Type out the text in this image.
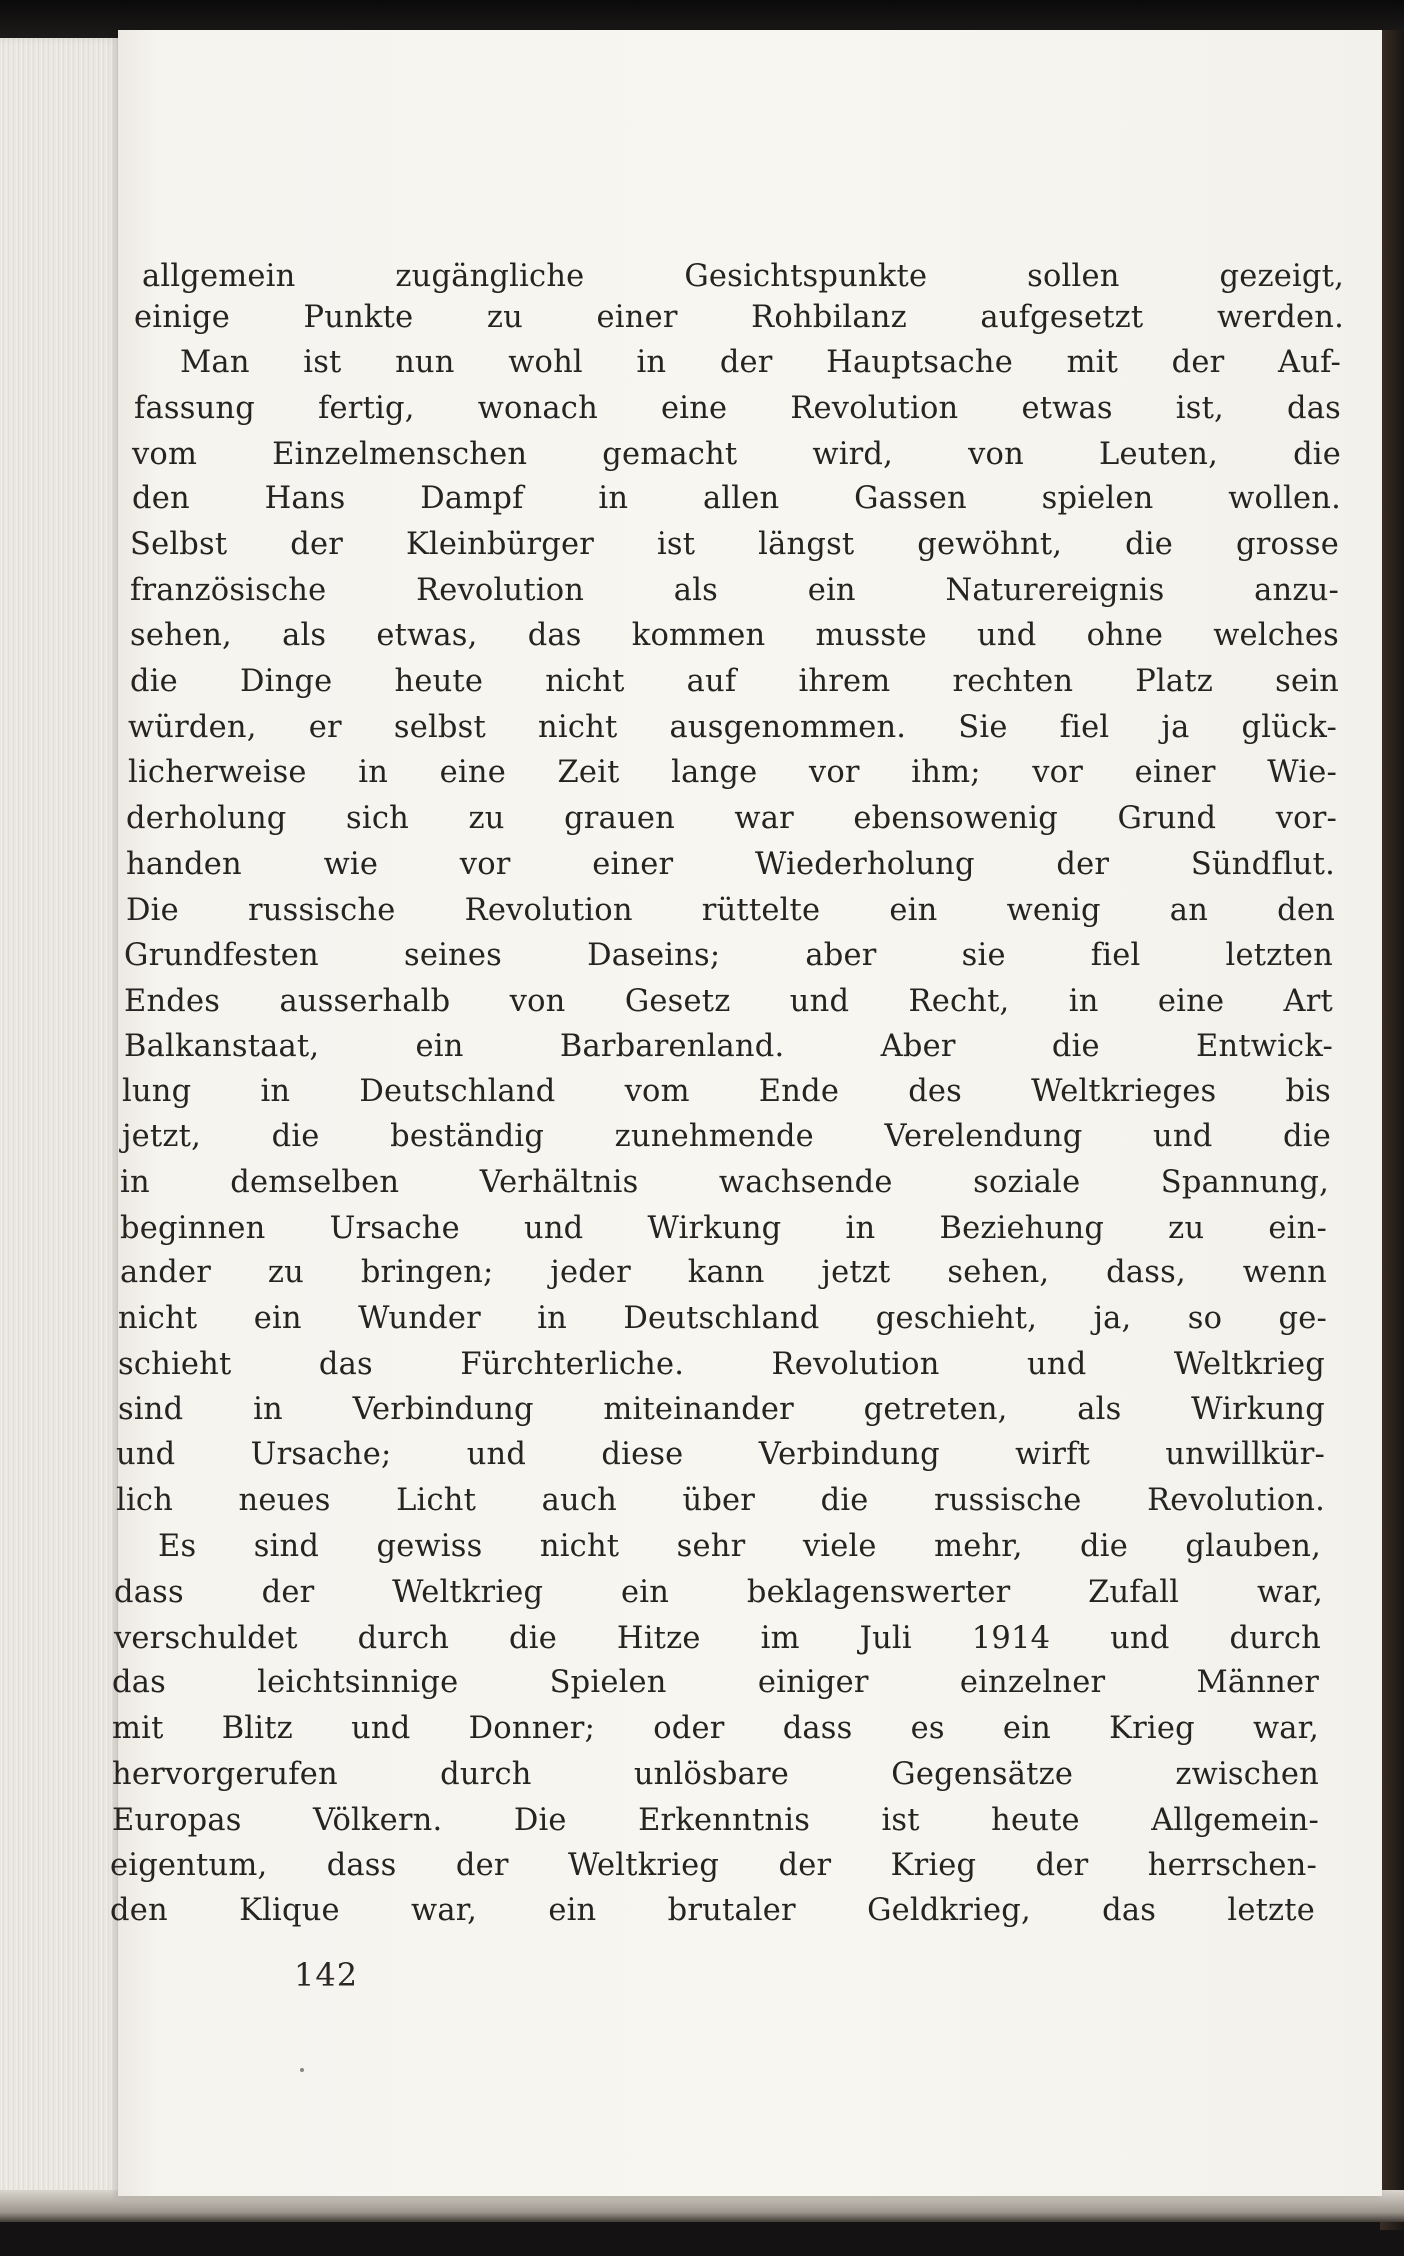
allgemein zugängliche Gesichtspunkte sollen gezeigt,
einige Punkte zu einer Rohbilanz aufgesetzt werden.
Man ist nun wohl in der Hauptsache mit der Auf-
fassung fertig, wonach eine Revolution etwas ist, das
vom Einzelmenschen gemacht wird, von Leuten, die
den Hans Dampf in allen Gassen spielen wollen.
Selbst der Kleinbürger ist längst gewöhnt, die grosse
französische Revolution als ein Naturereignis anzu-
sehen, als etwas, das kommen musste und ohne welches
die Dinge heute nicht auf ihrem rechten Platz sein
würden, er selbst nicht ausgenommen. Sie fiel ja glück-
licherweise in eine Zeit lange vor ihm; vor einer Wie-
derholung sich zu grauen war ebensowenig Grund vor-
handen wie vor einer Wiederholung der Sündflut.
Die russische Revolution rüttelte ein wenig an den
Grundfesten seines Daseins; aber sie fiel letzten
Endes ausserhalb von Gesetz und Recht, in eine Art
Balkanstaat, ein Barbarenland. Aber die Entwick-
lung in Deutschland vom Ende des Weltkrieges bis
jetzt, die beständig zunehmende Verelendung und die
in demselben Verhältnis wachsende soziale Spannung,
beginnen Ursache und Wirkung in Beziehung zu ein-
ander zu bringen; jeder kann jetzt sehen, dass, wenn
nicht ein Wunder in Deutschland geschieht, ja, so ge-
schieht das Fürchterliche. Revolution und Weltkrieg
sind in Verbindung miteinander getreten, als Wirkung
und Ursache; und diese Verbindung wirft unwillkür-
lich neues Licht auch über die russische Revolution.
Es sind gewiss nicht sehr viele mehr, die glauben,
dass der Weltkrieg ein beklagenswerter Zufall war,
verschuldet durch die Hitze im Juli 1914 und durch
das leichtsinnige Spielen einiger einzelner Männer
mit Blitz und Donner; oder dass es ein Krieg war,
hervorgerufen durch unlösbare Gegensätze zwischen
Europas Völkern. Die Erkenntnis ist heute Allgemein-
eigentum, dass der Weltkrieg der Krieg der herrschen-
den Klique war, ein brutaler Geldkrieg, das letzte
142
